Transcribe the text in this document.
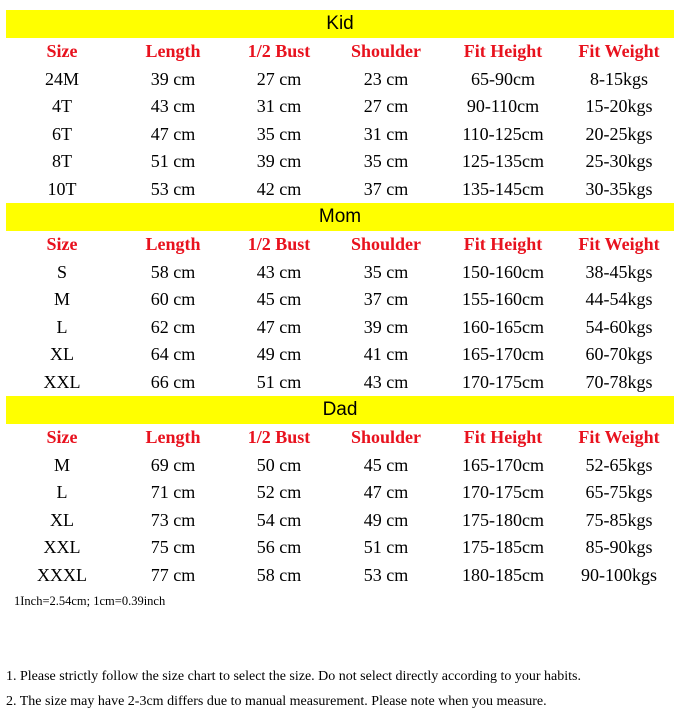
Kid
Size	Length	1/2 Bust	Shoulder	Fit Height	Fit Weight
24M	39 cm	27 cm	23 cm	65-90cm	8-15kgs
4T	43 cm	31 cm	27 cm	90-110cm	15-20kgs
6T	47 cm	35 cm	31 cm	110-125cm	20-25kgs
8T	51 cm	39 cm	35 cm	125-135cm	25-30kgs
10T	53 cm	42 cm	37 cm	135-145cm	30-35kgs
Mom
Size	Length	1/2 Bust	Shoulder	Fit Height	Fit Weight
S	58 cm	43 cm	35 cm	150-160cm	38-45kgs
M	60 cm	45 cm	37 cm	155-160cm	44-54kgs
L	62 cm	47 cm	39 cm	160-165cm	54-60kgs
XL	64 cm	49 cm	41 cm	165-170cm	60-70kgs
XXL	66 cm	51 cm	43 cm	170-175cm	70-78kgs
Dad
Size	Length	1/2 Bust	Shoulder	Fit Height	Fit Weight
M	69 cm	50 cm	45 cm	165-170cm	52-65kgs
L	71 cm	52 cm	47 cm	170-175cm	65-75kgs
XL	73 cm	54 cm	49 cm	175-180cm	75-85kgs
XXL	75 cm	56 cm	51 cm	175-185cm	85-90kgs
XXXL	77 cm	58 cm	53 cm	180-185cm	90-100kgs
1Inch=2.54cm; 1cm=0.39inch
1. Please strictly follow the size chart to select the size. Do not select directly according to your habits.
2. The size may have 2-3cm differs due to manual measurement. Please note when you measure.
